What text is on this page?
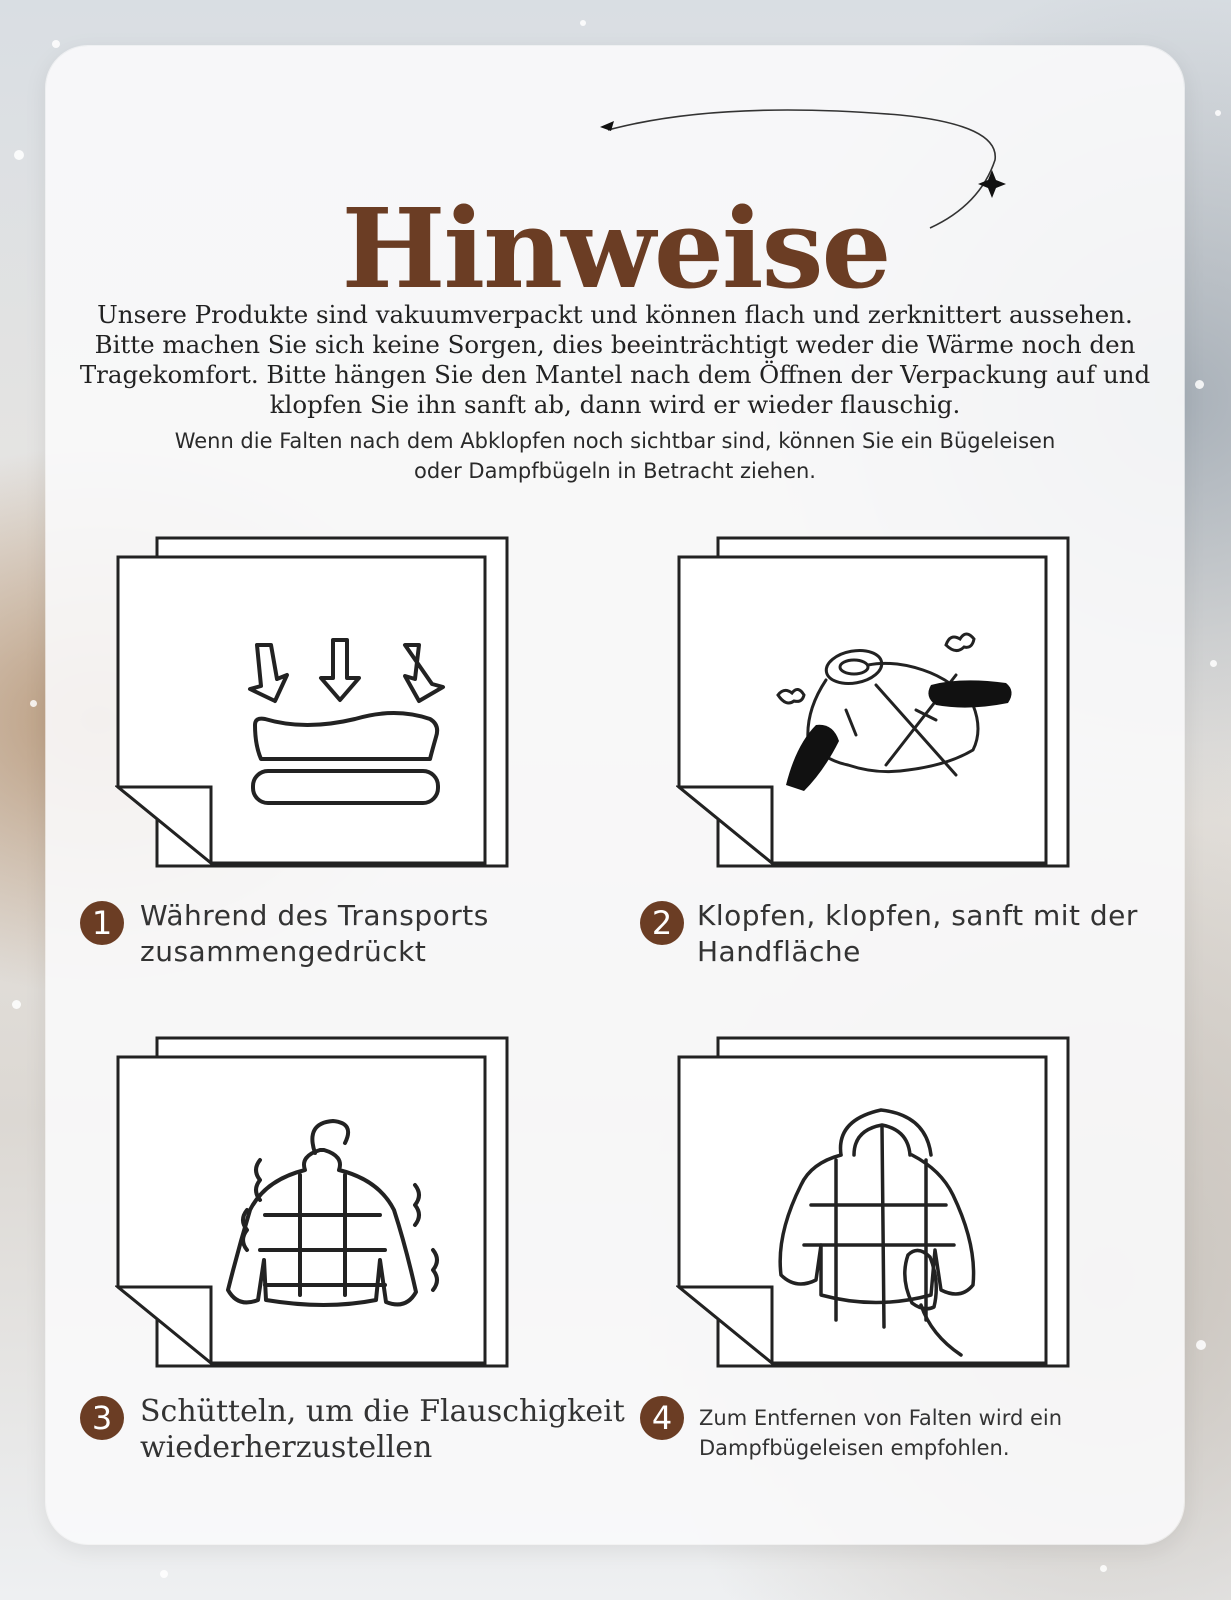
Hinweise

Unsere Produkte sind vakuumverpackt und können flach und zerknittert aussehen.

Bitte machen Sie sich keine Sorgen, dies beeinträchtigt weder die Wärme noch den

Tragekomfort. Bitte hängen Sie den Mantel nach dem Öffnen der Verpackung auf und

klopfen Sie ihn sanft ab, dann wird er wieder flauschig.

Wenn die Falten nach dem Abklopfen noch sichtbar sind, können Sie ein Bügeleisen
oder Dampfbügeln in Betracht ziehen.
1 Während des Transports
zusammengedrückt
2 Klopfen, klopfen, sanft mit der
Handfläche
3 Schütteln, um die Flauschigkeit
wiederherzustellen
4	Zum Entfernen von Falten wird ein
Dampfbügeleisen empfohlen.
